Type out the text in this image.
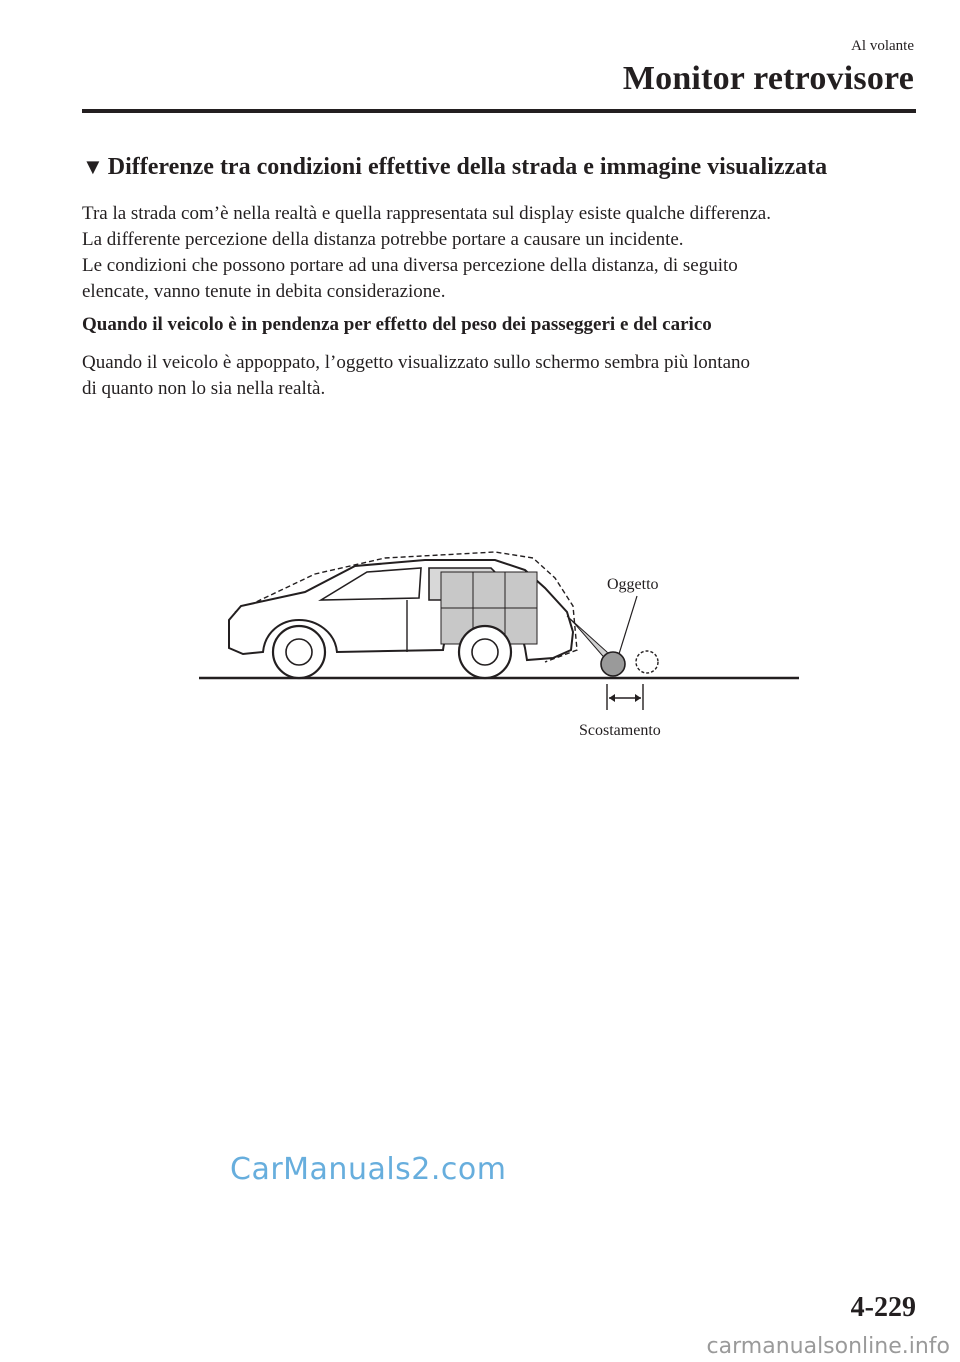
Al volante
Monitor retrovisore
▼ Differenze tra condizioni effettive della strada e immagine visualizzata
Tra la strada com’è nella realtà e quella rappresentata sul display esiste qualche differenza.
La differente percezione della distanza potrebbe portare a causare un incidente.
Le condizioni che possono portare ad una diversa percezione della distanza, di seguito
elencate, vanno tenute in debita considerazione.
Quando il veicolo è in pendenza per effetto del peso dei passeggeri e del carico
Quando il veicolo è appoppato, l’oggetto visualizzato sullo schermo sembra più lontano
di quanto non lo sia nella realtà.
Oggetto
Scostamento
CarManuals2.com
4-229
carmanualsonline.info
